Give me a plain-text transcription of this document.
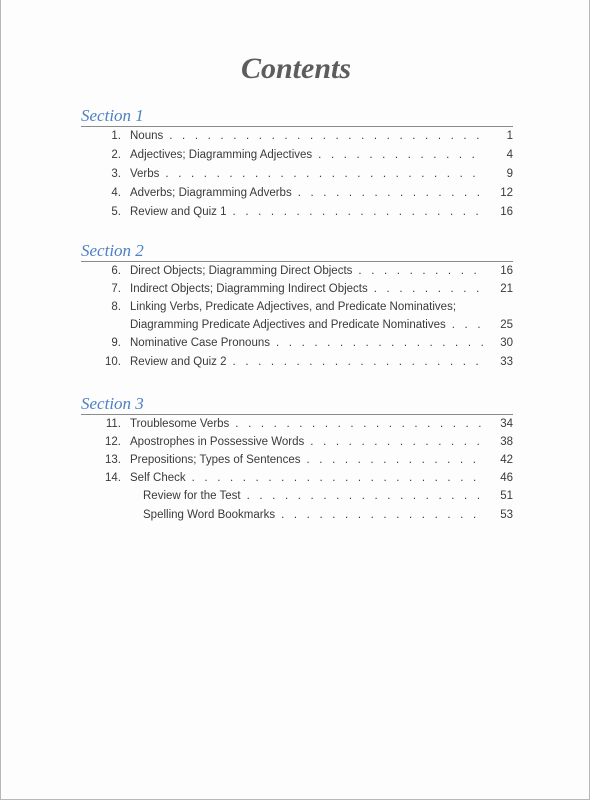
Contents
Section 1
1. Nouns . . .	1
2. Adjectives; Diagramming Adjectives . . .	4
3. Verbs . . .	9
4. Adverbs; Diagramming Adverbs . . .	12
5. Review and Quiz 1 . . .	16
Section 2
6. Direct Objects; Diagramming Direct Objects . . .	16
7. Indirect Objects; Diagramming Indirect Objects . . .	21
8. Linking Verbs, Predicate Adjectives, and Predicate Nominatives;
Diagramming Predicate Adjectives and Predicate Nominatives . . .	25
9. Nominative Case Pronouns . . .	30
10. Review and Quiz 2 . . .	33
Section 3
11. Troublesome Verbs . . .	34
12. Apostrophes in Possessive Words . . .	38
13. Prepositions; Types of Sentences . . .	42
14. Self Check . . .	46
Review for the Test . . .	51
Spelling Word Bookmarks . . .	53
